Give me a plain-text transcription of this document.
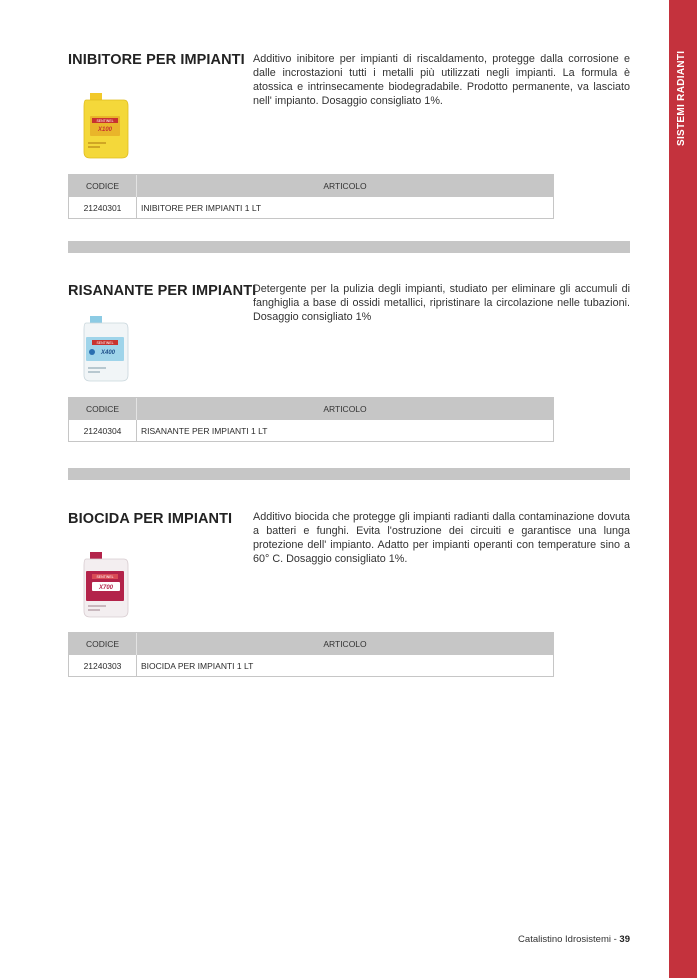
SISTEMI RADIANTI
INIBITORE PER IMPIANTI Additivo inibitore per impianti di riscaldamento, protegge dalla corrosione e dalle incrostazioni tutti i metalli più utilizzati negli impianti. La formula è atossica e intrinsecamente biodegradabile. Prodotto permanente, va lasciato nell' impianto. Dosaggio consigliato 1%.
SENTINEL
X100
CODICE	ARTICOLO
21240301	INIBITORE PER IMPIANTI 1 LT
RISANANTE PER IMPIANTI
Detergente per la pulizia degli impianti, studiato per eliminare gli accumuli di fanghiglia a base di ossidi metallici, ripristinare la circolazione nelle tubazioni. Dosaggio consigliato 1%
SENTINEL
X400
CODICE	ARTICOLO
21240304	RISANANTE PER IMPIANTI 1 LT
BIOCIDA PER IMPIANTI Additivo biocida che protegge gli impianti radianti dalla contaminazione dovuta a batteri e funghi. Evita l'ostruzione dei circuiti e garantisce una lunga protezione dell' impianto. Adatto per impianti operanti con temperature sino a 60° C. Dosaggio consigliato 1%.
SENTINEL
X700
CODICE	ARTICOLO
21240303	BIOCIDA PER IMPIANTI 1 LT
Catalistino Idrosistemi - 39
